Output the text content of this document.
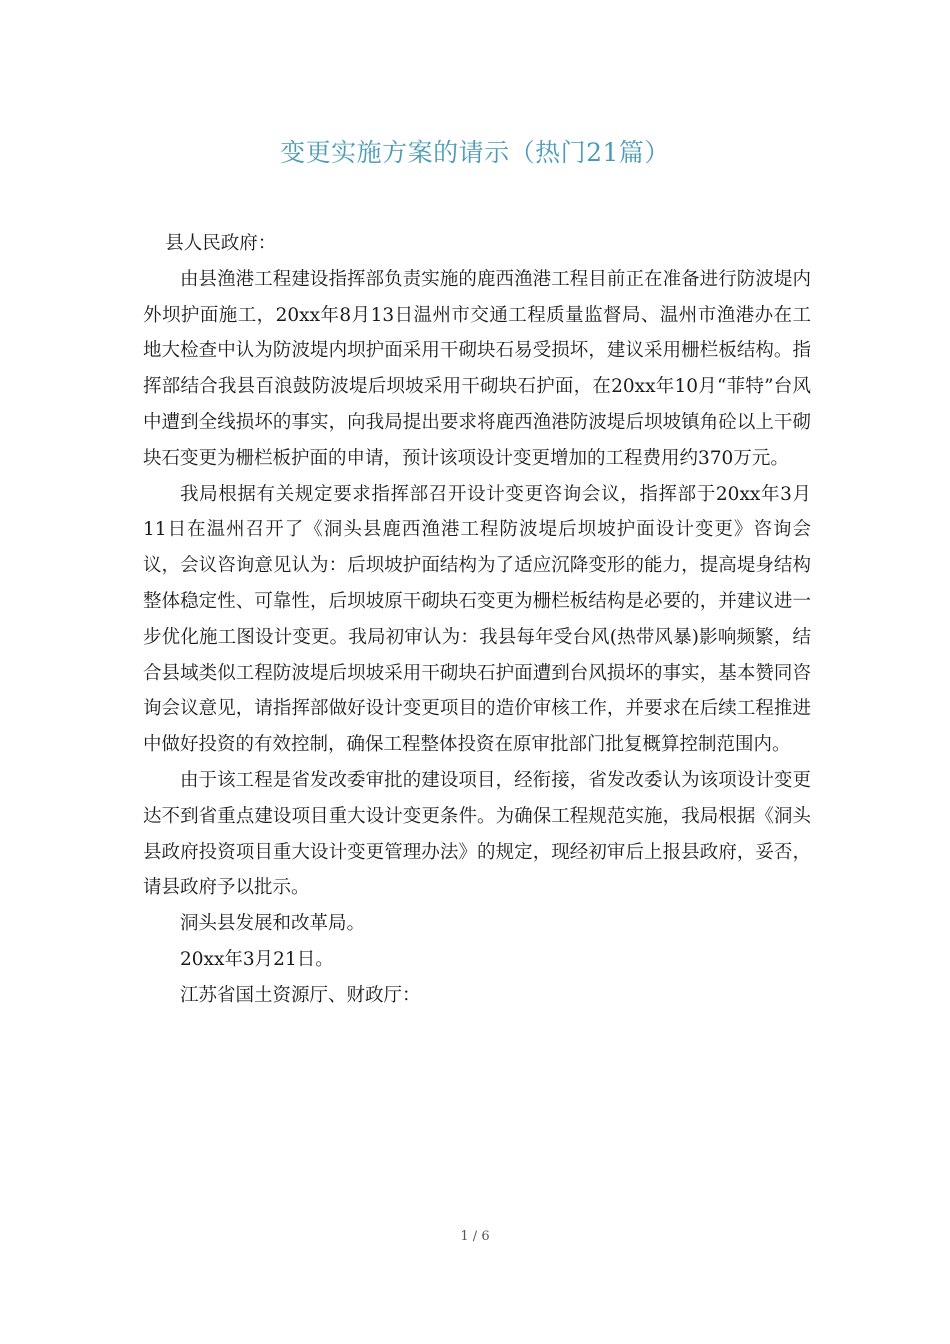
变更实施方案的请示（热门21篇）

县人民政府：

由县渔港工程建设指挥部负责实施的鹿西渔港工程目前正在准备进行防波堤内外坝护面施工，20xx年8月13日温州市交通工程质量监督局、温州市渔港办在工地大检查中认为防波堤内坝护面采用干砌块石易受损坏，建议采用栅栏板结构。指挥部结合我县百浪鼓防波堤后坝坡采用干砌块石护面，在20xx年10月“菲特”台风中遭到全线损坏的事实，向我局提出要求将鹿西渔港防波堤后坝坡镇角砼以上干砌块石变更为栅栏板护面的申请，预计该项设计变更增加的工程费用约370万元。

我局根据有关规定要求指挥部召开设计变更咨询会议，指挥部于20xx年3月11日在温州召开了《洞头县鹿西渔港工程防波堤后坝坡护面设计变更》咨询会议，会议咨询意见认为：后坝坡护面结构为了适应沉降变形的能力，提高堤身结构整体稳定性、可靠性，后坝坡原干砌块石变更为栅栏板结构是必要的，并建议进一步优化施工图设计变更。我局初审认为：我县每年受台风(热带风暴)影响频繁，结合县域类似工程防波堤后坝坡采用干砌块石护面遭到台风损坏的事实，基本赞同咨询会议意见，请指挥部做好设计变更项目的造价审核工作，并要求在后续工程推进中做好投资的有效控制，确保工程整体投资在原审批部门批复概算控制范围内。

由于该工程是省发改委审批的建设项目，经衔接，省发改委认为该项设计变更达不到省重点建设项目重大设计变更条件。为确保工程规范实施，我局根据《洞头县政府投资项目重大设计变更管理办法》的规定，现经初审后上报县政府，妥否，请县政府予以批示。

洞头县发展和改革局。

20xx年3月21日。

江苏省国土资源厅、财政厅：

1 / 6
